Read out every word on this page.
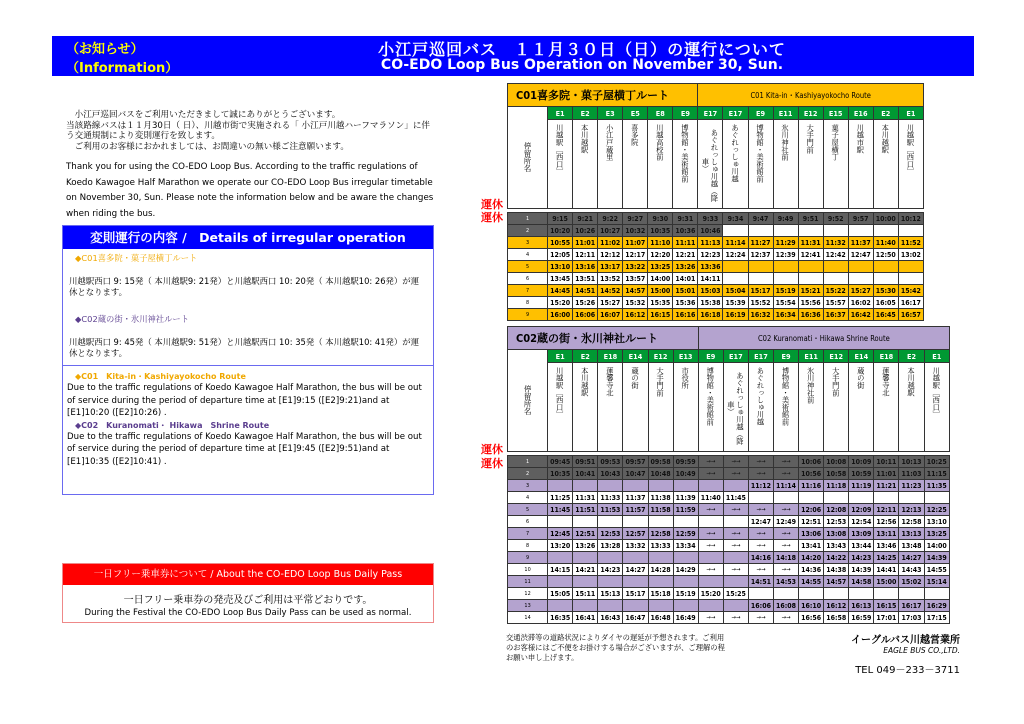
（お知らせ）
（Information）
小江戸巡回バス　１１月３０日（日）の運行について
CO-EDO Loop Bus Operation on November 30, Sun.
　小江戸巡回バスをご利用いただきまして誠にありがとうございます。
当該路線バスは１１月30日（ 日）、川越市街で実施される「 小江戸川越ハーフマラソン」に伴う交通規制により変則運行を致します。
　ご利用のお客様におかれましては、お間違いの無い様ご注意願います。
Thank you for using the CO-EDO Loop Bus. According to the traffic regulations of Koedo Kawagoe Half Marathon we operate our CO-EDO Loop Bus irregular timetable on November 30, Sun. Please note the information below and be aware the changes when riding the bus.
変則運行の内容 /　Details of irregular operation
◆C01喜多院・菓子屋横丁ルート
川越駅西口 9: 15発（ 本川越駅9: 21発）と川越駅西口 10: 20発（ 本川越駅10: 26発）が運休となります。
◆C02蔵の街・氷川神社ルート
川越駅西口 9: 45発（ 本川越駅9: 51発）と川越駅西口 10: 35発（ 本川越駅10: 41発）が運休となります。
◆C01　Kita-in・Kashiyayokocho Route
Due to the traffic regulations of Koedo Kawagoe Half Marathon, the bus will be out of service during the period of departure time at [E1]9:15 ([E2]9:21)and at [E1]10:20 ([E2]10:26) .
◆C02　Kuranomati・ Hikawa　Shrine Route
Due to the traffic regulations of Koedo Kawagoe Half Marathon, the bus will be out of service during the period of departure time at [E1]9:45 ([E2]9:51)and at [E1]10:35 ([E2]10:41) .
一日フリー乗車券について / About the CO-EDO Loop Bus Daily Pass
一日フリー乗車券の発売及びご利用は平常どおりです。
During the Festival the CO-EDO Loop Bus Daily Pass can be used as normal.
運休
運休
運休
運休
C01喜多院・菓子屋横丁ルート							C01 Kita-in・Kashiyayokocho Route								
停留所名	E1	E2	E3	E5	E8	E9	E17	E17	E9	E11	E12	E15	E16	E2	E1
	川越駅［西口］	本川越駅	小江戸蔵里	喜多院	川越高校前	博物館・美術館前	あぐれっしゅ川越（降車）	あぐれっしゅ川越	博物館・美術館前	氷川神社前	大手門前	菓子屋横丁	川越市駅	本川越駅	川越駅［西口］

1	9:15	9:21	9:22	9:27	9:30	9:31	9:33	9:34	9:47	9:49	9:51	9:52	9:57	10:00	10:12
2	10:20	10:26	10:27	10:32	10:35	10:36	10:46								
3	10:55	11:01	11:02	11:07	11:10	11:11	11:13	11:14	11:27	11:29	11:31	11:32	11:37	11:40	11:52
4	12:05	12:11	12:12	12:17	12:20	12:21	12:23	12:24	12:37	12:39	12:41	12:42	12:47	12:50	13:02
5	13:10	13:16	13:17	13:22	13:25	13:26	13:36								
6	13:45	13:51	13:52	13:57	14:00	14:01	14:11								
7	14:45	14:51	14:52	14:57	15:00	15:01	15:03	15:04	15:17	15:19	15:21	15:22	15:27	15:30	15:42
8	15:20	15:26	15:27	15:32	15:35	15:36	15:38	15:39	15:52	15:54	15:56	15:57	16:02	16:05	16:17
9	16:00	16:06	16:07	16:12	16:15	16:16	16:18	16:19	16:32	16:34	16:36	16:37	16:42	16:45	16:57
C02蔵の街・氷川神社ルート							C02 Kuranomati・Hikawa Shrine Route									
停留所名	E1	E2	E18	E14	E12	E13	E9	E17	E17	E9	E11	E12	E14	E18	E2	E1
	川越駅［西口］	本川越駅	蓮馨寺北	蔵の街	大手門前	市役所	博物館・美術館前	あぐれっしゅ川越（降車）	あぐれっしゅ川越	博物館・美術館前	氷川神社前	大手門前	蔵の街	蓮馨寺北	本川越駅	川越駅［西口］

1	09:45	09:51	09:53	09:57	09:58	09:59	→→	→→	→→	→→	10:06	10:08	10:09	10:11	10:13	10:25
2	10:35	10:41	10:43	10:47	10:48	10:49	→→	→→	→→	→→	10:56	10:58	10:59	11:01	11:03	11:15
3									11:12	11:14	11:16	11:18	11:19	11:21	11:23	11:35
4	11:25	11:31	11:33	11:37	11:38	11:39	11:40	11:45								
5	11:45	11:51	11:53	11:57	11:58	11:59	→→	→→	→→	→→	12:06	12:08	12:09	12:11	12:13	12:25
6									12:47	12:49	12:51	12:53	12:54	12:56	12:58	13:10
7	12:45	12:51	12:53	12:57	12:58	12:59	→→	→→	→→	→→	13:06	13:08	13:09	13:11	13:13	13:25
8	13:20	13:26	13:28	13:32	13:33	13:34	→→	→→	→→	→→	13:41	13:43	13:44	13:46	13:48	14:00
9									14:16	14:18	14:20	14:22	14:23	14:25	14:27	14:39
10	14:15	14:21	14:23	14:27	14:28	14:29	→→	→→	→→	→→	14:36	14:38	14:39	14:41	14:43	14:55
11									14:51	14:53	14:55	14:57	14:58	15:00	15:02	15:14
12	15:05	15:11	15:13	15:17	15:18	15:19	15:20	15:25								
13									16:06	16:08	16:10	16:12	16:13	16:15	16:17	16:29
14	16:35	16:41	16:43	16:47	16:48	16:49	→→	→→	→→	→→	16:56	16:58	16:59	17:01	17:03	17:15
交通渋滞等の道路状況によりダイヤの遅延が予想されます。ご利用のお客様にはご不便をお掛けする場合がございますが、ご理解の程お願い申し上げます。
イーグルバス川越営業所
EAGLE BUS CO.,LTD.
TEL 049－233－3711
